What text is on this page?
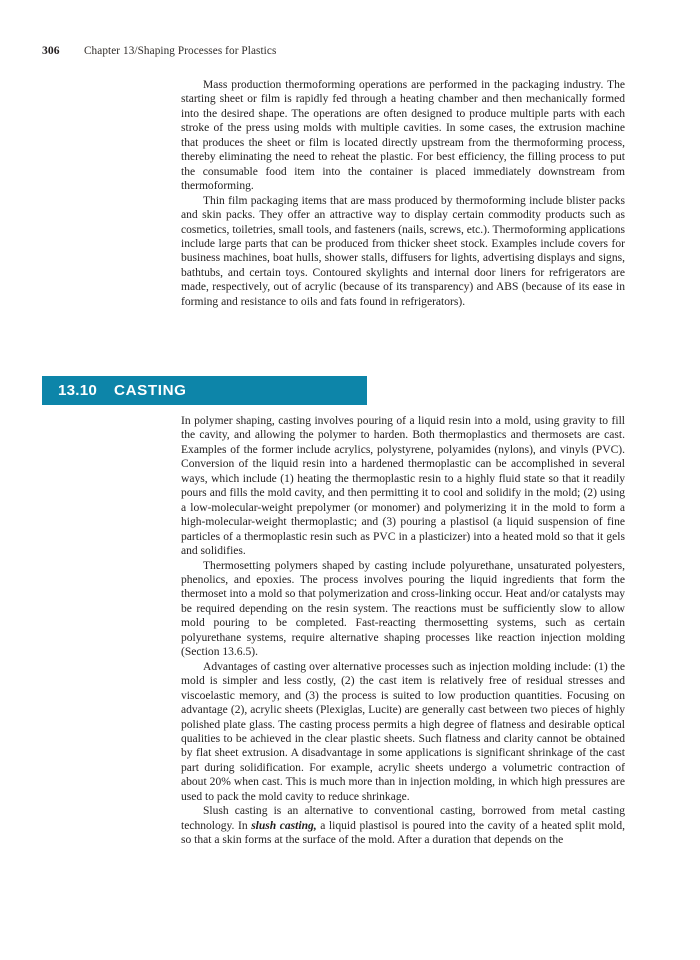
306	Chapter 13/Shaping Processes for Plastics

Mass production thermoforming operations are performed in the packaging industry. The starting sheet or film is rapidly fed through a heating chamber and then mechanically formed into the desired shape. The operations are often designed to produce multiple parts with each stroke of the press using molds with multiple cavities. In some cases, the extrusion machine that produces the sheet or film is located directly upstream from the thermoforming process, thereby eliminating the need to reheat the plastic. For best efficiency, the filling process to put the consumable food item into the container is placed immediately downstream from thermoforming.

Thin film packaging items that are mass produced by thermoforming include blister packs and skin packs. They offer an attractive way to display certain commodity products such as cosmetics, toiletries, small tools, and fasteners (nails, screws, etc.). Thermoforming applications include large parts that can be produced from thicker sheet stock. Examples include covers for business machines, boat hulls, shower stalls, diffusers for lights, advertising displays and signs, bathtubs, and certain toys. Contoured skylights and internal door liners for refrigerators are made, respectively, out of acrylic (because of its transparency) and ABS (because of its ease in forming and resistance to oils and fats found in refrigerators).

13.10 CASTING

In polymer shaping, casting involves pouring of a liquid resin into a mold, using gravity to fill the cavity, and allowing the polymer to harden. Both thermoplastics and thermosets are cast. Examples of the former include acrylics, polystyrene, polyamides (nylons), and vinyls (PVC). Conversion of the liquid resin into a hardened thermoplastic can be accomplished in several ways, which include (1) heating the thermoplastic resin to a highly fluid state so that it readily pours and fills the mold cavity, and then permitting it to cool and solidify in the mold; (2) using a low-molecular-weight prepolymer (or monomer) and polymerizing it in the mold to form a high-molecular-weight thermoplastic; and (3) pouring a plastisol (a liquid suspension of fine particles of a thermoplastic resin such as PVC in a plasticizer) into a heated mold so that it gels and solidifies.

Thermosetting polymers shaped by casting include polyurethane, unsaturated polyesters, phenolics, and epoxies. The process involves pouring the liquid ingredients that form the thermoset into a mold so that polymerization and cross-linking occur. Heat and/or catalysts may be required depending on the resin system. The reactions must be sufficiently slow to allow mold pouring to be completed. Fast-reacting thermosetting systems, such as certain polyurethane systems, require alternative shaping processes like reaction injection molding (Section 13.6.5).

Advantages of casting over alternative processes such as injection molding include: (1) the mold is simpler and less costly, (2) the cast item is relatively free of residual stresses and viscoelastic memory, and (3) the process is suited to low production quantities. Focusing on advantage (2), acrylic sheets (Plexiglas, Lucite) are generally cast between two pieces of highly polished plate glass. The casting process permits a high degree of flatness and desirable optical qualities to be achieved in the clear plastic sheets. Such flatness and clarity cannot be obtained by flat sheet extrusion. A disadvantage in some applications is significant shrinkage of the cast part during solidification. For example, acrylic sheets undergo a volumetric contraction of about 20% when cast. This is much more than in injection molding, in which high pressures are used to pack the mold cavity to reduce shrinkage.

Slush casting is an alternative to conventional casting, borrowed from metal casting technology. In slush casting, a liquid plastisol is poured into the cavity of a heated split mold, so that a skin forms at the surface of the mold. After a duration that depends on the
